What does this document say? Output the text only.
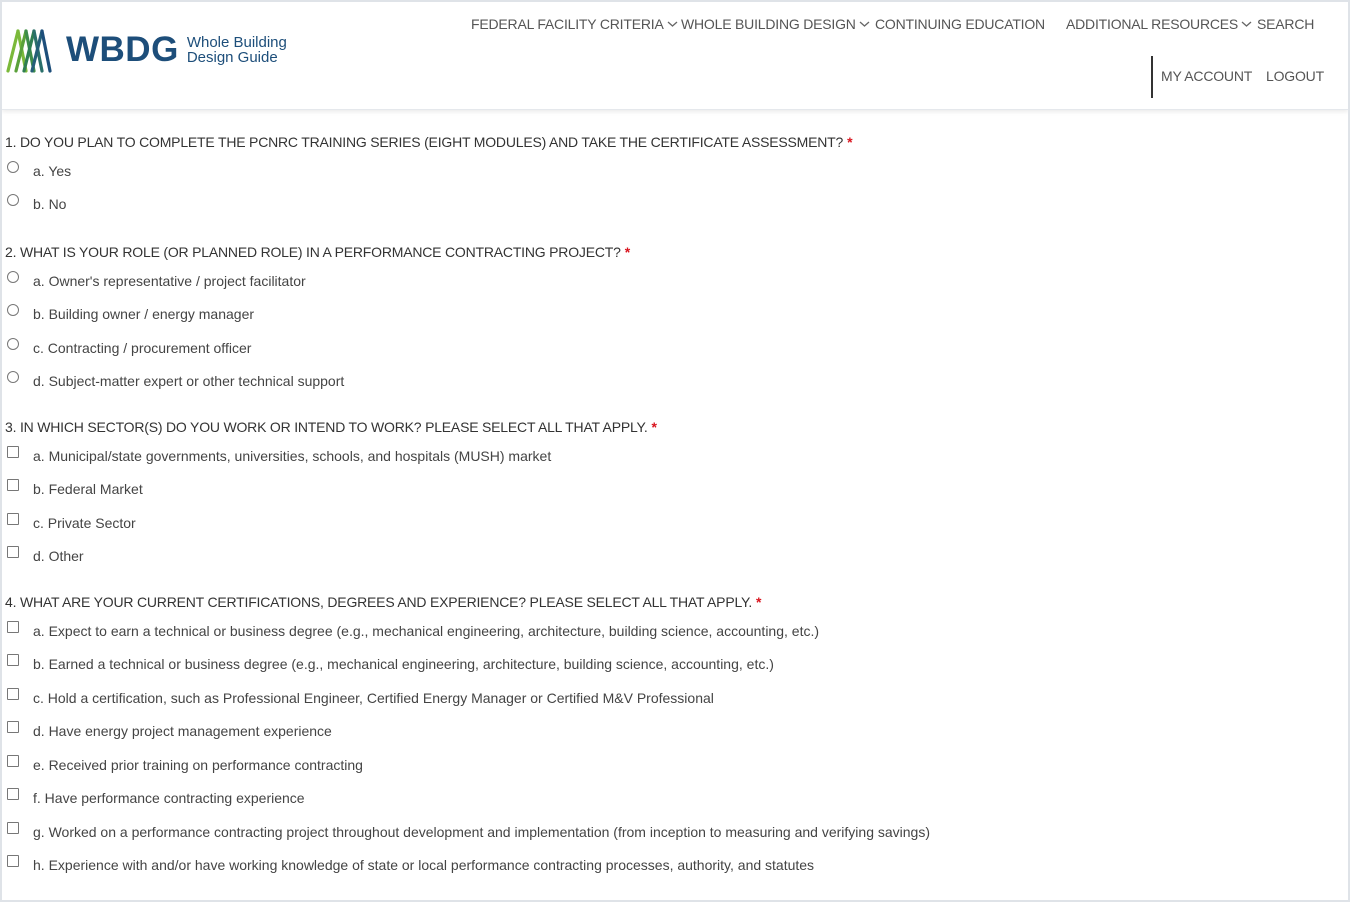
WBDG Whole Building
Design Guide
FEDERAL FACILITY CRITERIA WHOLE BUILDING DESIGN CONTINUING EDUCATION ADDITIONAL RESOURCES SEARCH
MY ACCOUNT LOGOUT
1. DO YOU PLAN TO COMPLETE THE PCNRC TRAINING SERIES (EIGHT MODULES) AND TAKE THE CERTIFICATE ASSESSMENT? *
a. Yes
b. No
2. WHAT IS YOUR ROLE (OR PLANNED ROLE) IN A PERFORMANCE CONTRACTING PROJECT? *
a. Owner's representative / project facilitator
b. Building owner / energy manager
c. Contracting / procurement officer
d. Subject-matter expert or other technical support
3. IN WHICH SECTOR(S) DO YOU WORK OR INTEND TO WORK? PLEASE SELECT ALL THAT APPLY. *
a. Municipal/state governments, universities, schools, and hospitals (MUSH) market
b. Federal Market
c. Private Sector
d. Other
4. WHAT ARE YOUR CURRENT CERTIFICATIONS, DEGREES AND EXPERIENCE? PLEASE SELECT ALL THAT APPLY. *
a. Expect to earn a technical or business degree (e.g., mechanical engineering, architecture, building science, accounting, etc.)
b. Earned a technical or business degree (e.g., mechanical engineering, architecture, building science, accounting, etc.)
c. Hold a certification, such as Professional Engineer, Certified Energy Manager or Certified M&V Professional
d. Have energy project management experience
e. Received prior training on performance contracting
f. Have performance contracting experience
g. Worked on a performance contracting project throughout development and implementation (from inception to measuring and verifying savings)
h. Experience with and/or have working knowledge of state or local performance contracting processes, authority, and statutes
